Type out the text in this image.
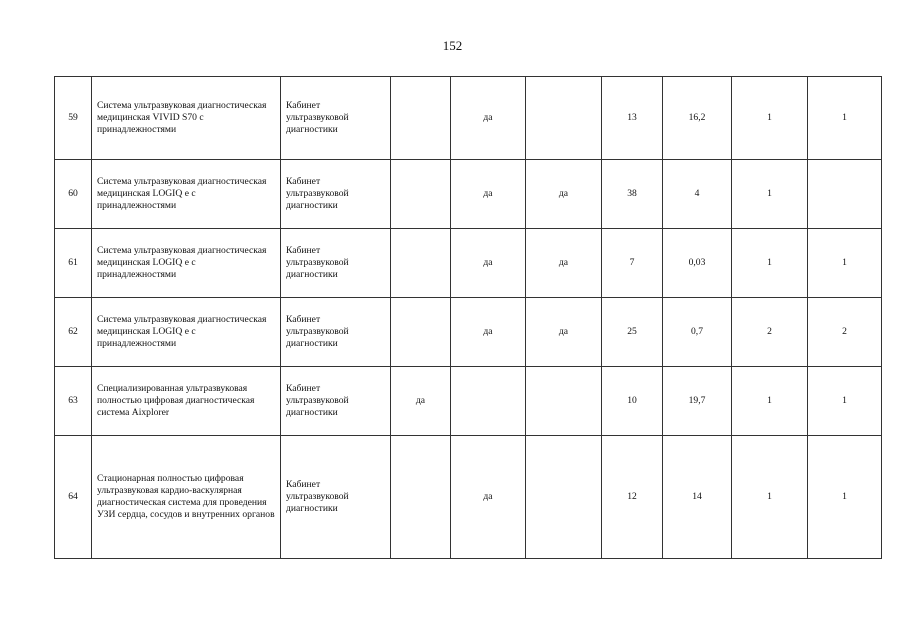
152
59	Система ультразвуковая диагностическая медицинская VIVID S70 с принадлежностями	Кабинет ультразвуковой диагностики		да		13	16,2	1	1
60	Система ультразвуковая диагностическая медицинская LOGIQ e с принадлежностями	Кабинет ультразвуковой диагностики		да	да	38	4	1	
61	Система ультразвуковая диагностическая медицинская LOGIQ e с принадлежностями	Кабинет ультразвуковой диагностики		да	да	7	0,03	1	1
62	Система ультразвуковая диагностическая медицинская LOGIQ e с принадлежностями	Кабинет ультразвуковой диагностики		да	да	25	0,7	2	2
63	Специализированная ультразвуковая полностью цифровая диагностическая система Aixplorer	Кабинет ультразвуковой диагностики	да			10	19,7	1	1
64	Стационарная полностью цифровая ультразвуковая кардио-васкулярная диагностическая система для проведения УЗИ сердца, сосудов и внутренних органов	Кабинет ультразвуковой диагностики		да		12	14	1	1
